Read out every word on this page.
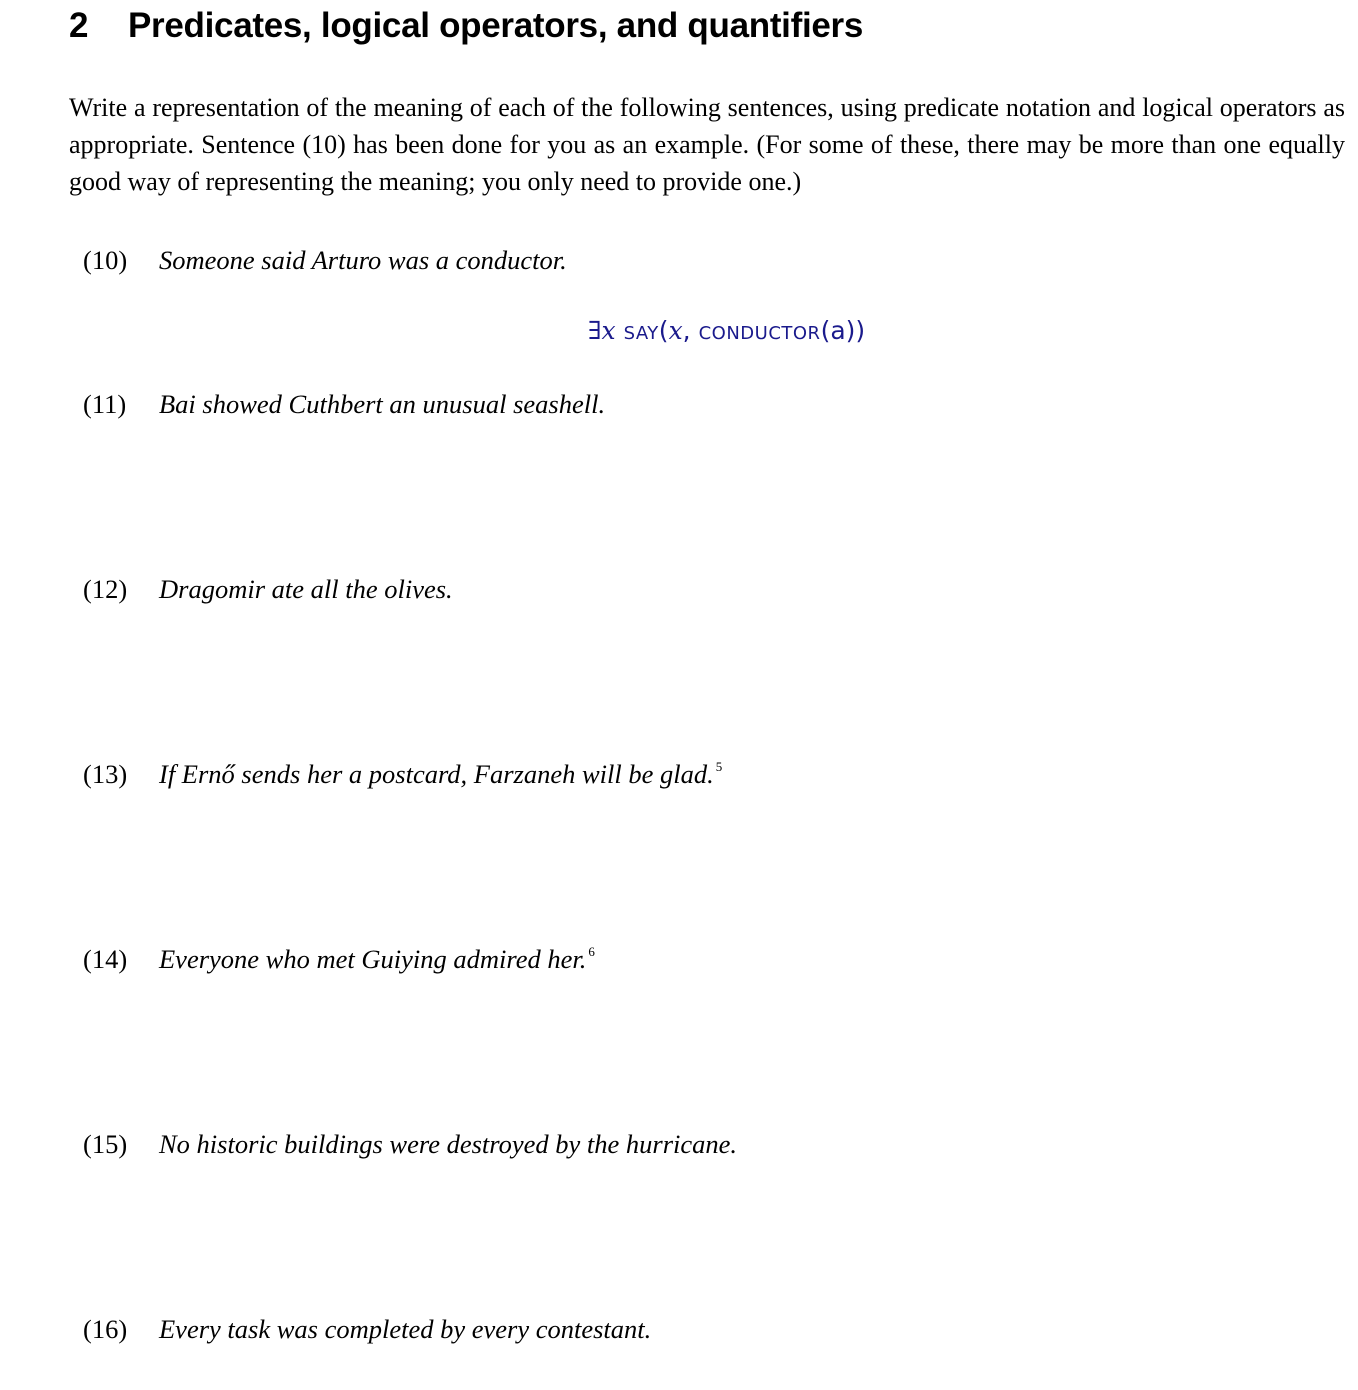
2 Predicates, logical operators, and quantifiers

Write a representation of the meaning of each of the following sentences, using predicate notation and logical operators as appropriate. Sentence (10) has been done for you as an example. (For some of these, there may be more than one equally good way of representing the meaning; you only need to provide one.)

(10) Someone said Arturo was a conductor.
∃x say(x, conductor(a))
(11) Bai showed Cuthbert an unusual seashell.
(12) Dragomir ate all the olives.
(13) If Ernő sends her a postcard, Farzaneh will be glad. $^5$
(14) Everyone who met Guiying admired her. $^6$
(15) No historic buildings were destroyed by the hurricane.
(16) Every task was completed by every contestant.
